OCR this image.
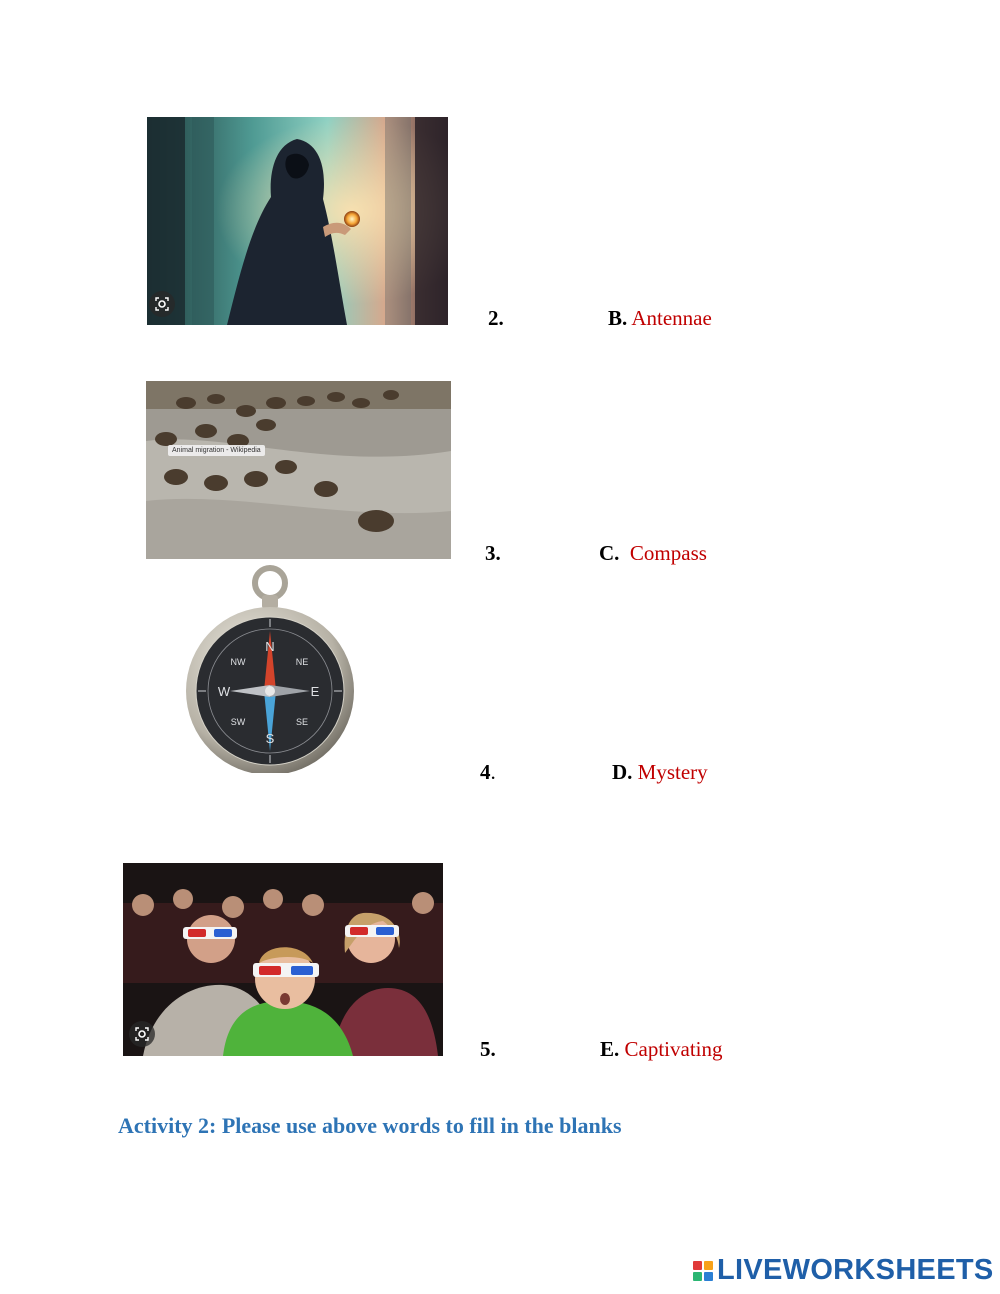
2.	B. Antennae
Animal migration - Wikipedia
3.	C. Compass
N
S
E
W
NE
NW
SE
SW
4.	D. Mystery
5.	E. Captivating
Activity 2: Please use above words to fill in the blanks
LIVEWORKSHEETS
